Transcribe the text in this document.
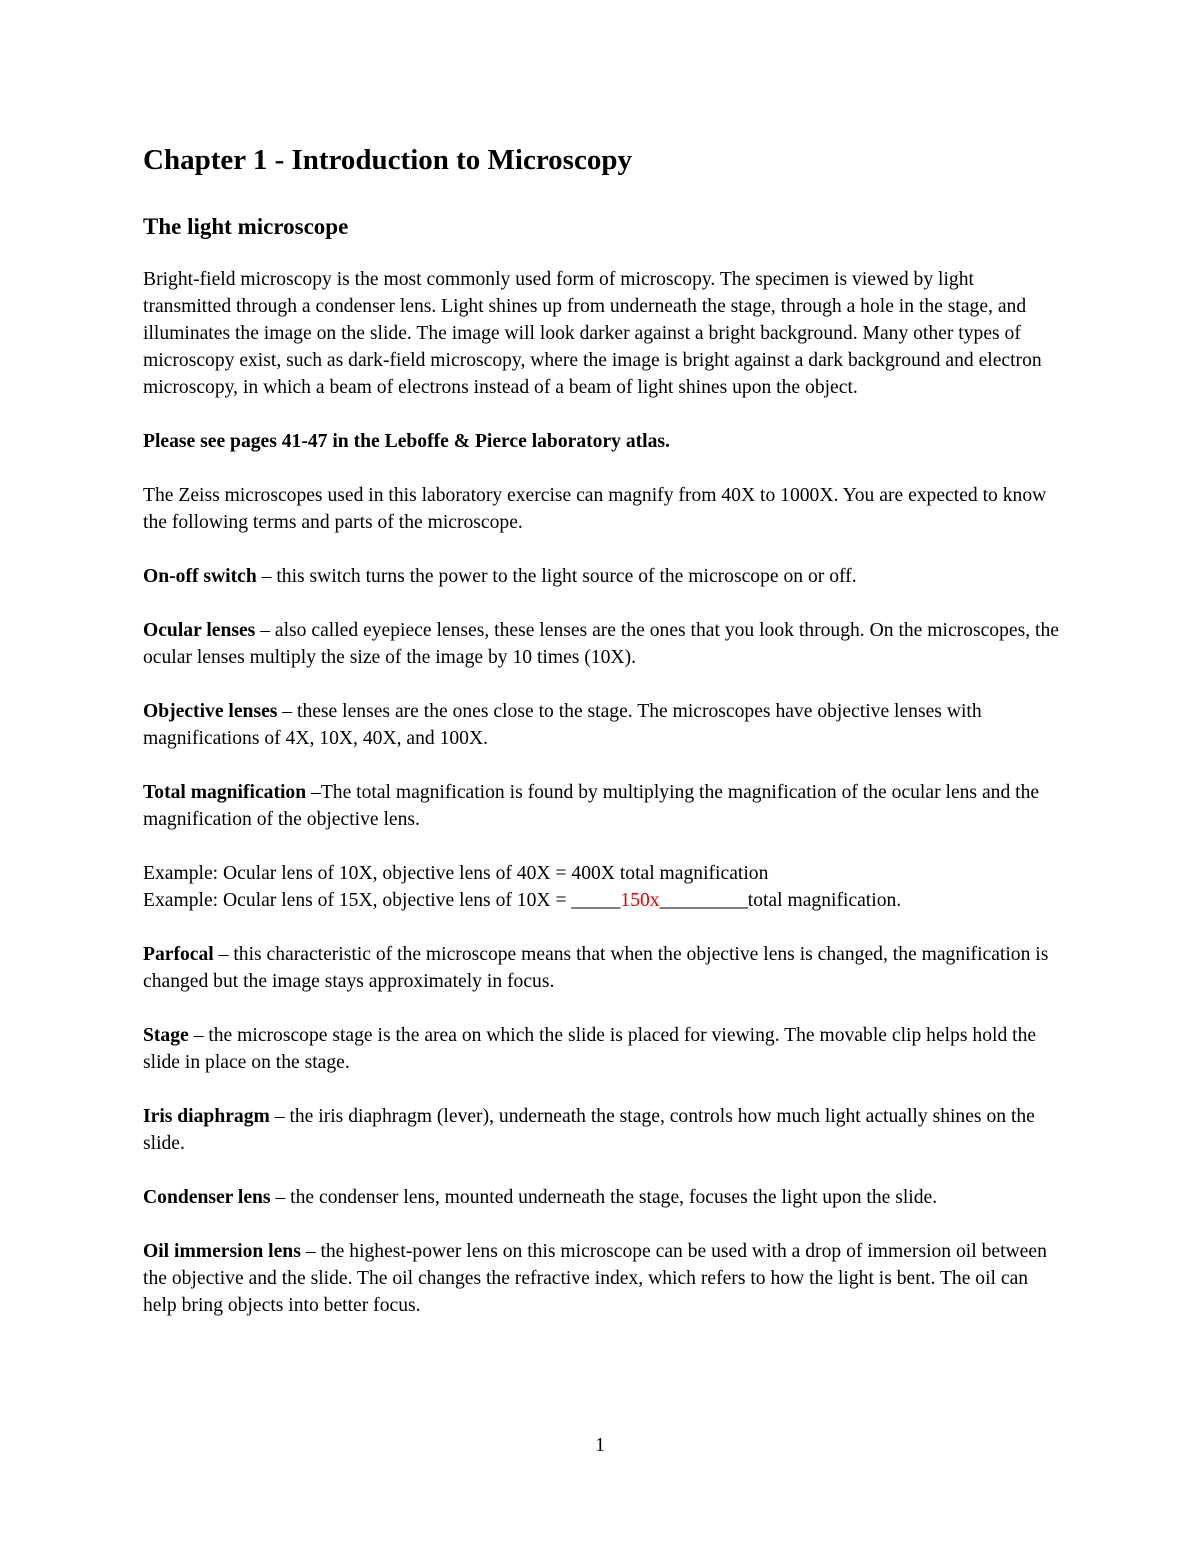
Chapter 1 - Introduction to Microscopy
The light microscope

Bright-field microscopy is the most commonly used form of microscopy. The specimen is viewed by light transmitted through a condenser lens. Light shines up from underneath the stage, through a hole in the stage, and illuminates the image on the slide. The image will look darker against a bright background. Many other types of microscopy exist, such as dark-field microscopy, where the image is bright against a dark background and electron microscopy, in which a beam of electrons instead of a beam of light shines upon the object.

Please see pages 41-47 in the Leboffe & Pierce laboratory atlas.

The Zeiss microscopes used in this laboratory exercise can magnify from 40X to 1000X. You are expected to know the following terms and parts of the microscope.

On-off switch – this switch turns the power to the light source of the microscope on or off.

Ocular lenses – also called eyepiece lenses, these lenses are the ones that you look through. On the microscopes, the ocular lenses multiply the size of the image by 10 times (10X).

Objective lenses – these lenses are the ones close to the stage. The microscopes have objective lenses with magnifications of 4X, 10X, 40X, and 100X.

Total magnification –The total magnification is found by multiplying the magnification of the ocular lens and the magnification of the objective lens.

Example: Ocular lens of 10X, objective lens of 40X = 400X total magnification

Example: Ocular lens of 15X, objective lens of 10X = _____150x_________total magnification.

Parfocal – this characteristic of the microscope means that when the objective lens is changed, the magnification is changed but the image stays approximately in focus.

Stage – the microscope stage is the area on which the slide is placed for viewing. The movable clip helps hold the slide in place on the stage.

Iris diaphragm – the iris diaphragm (lever), underneath the stage, controls how much light actually shines on the slide.

Condenser lens – the condenser lens, mounted underneath the stage, focuses the light upon the slide.

Oil immersion lens – the highest-power lens on this microscope can be used with a drop of immersion oil between the objective and the slide. The oil changes the refractive index, which refers to how the light is bent. The oil can help bring objects into better focus.

1
